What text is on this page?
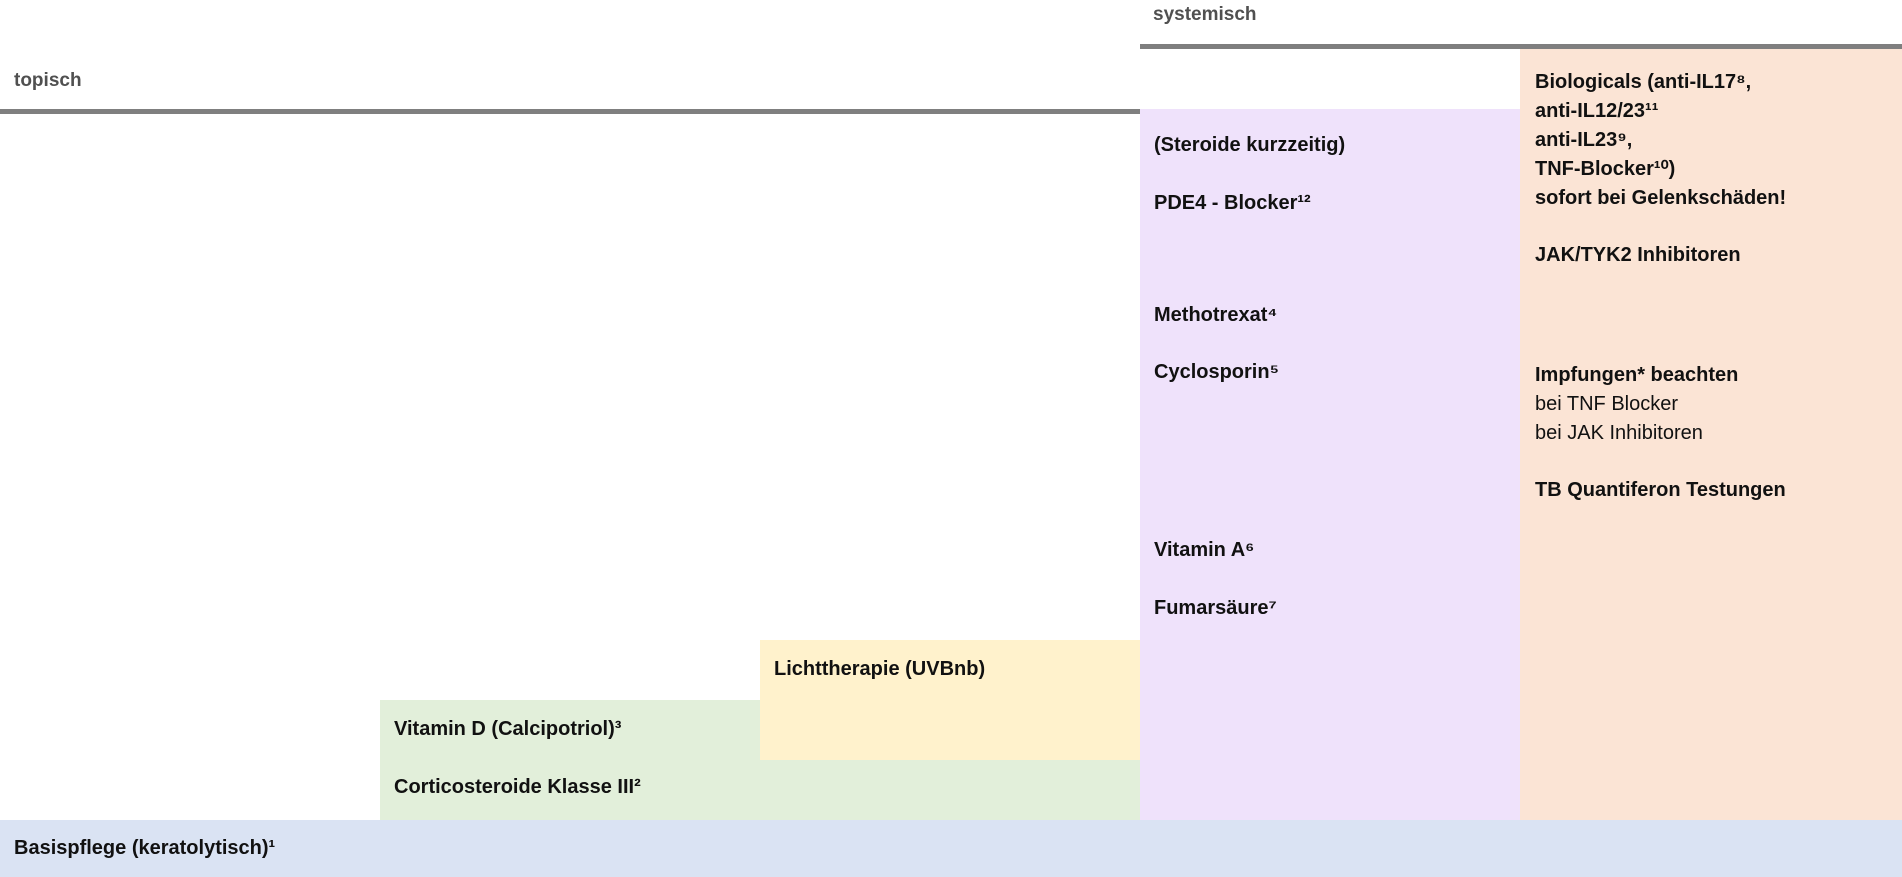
systemisch
topisch
(Steroide kurzzeitig)
PDE4 - Blocker¹²
Methotrexat⁴
Cyclosporin⁵
Vitamin A⁶
Fumarsäure⁷
Biologicals (anti-IL17⁸,
anti-IL12/23¹¹
anti-IL23⁹,
TNF-Blocker¹⁰)
sofort bei Gelenkschäden!
JAK/TYK2 Inhibitoren
Impfungen* beachten
bei TNF Blocker
bei JAK Inhibitoren
TB Quantiferon Testungen
Lichttherapie (UVBnb)
Vitamin D (Calcipotriol)³
Corticosteroide Klasse III²
Basispflege (keratolytisch)¹
